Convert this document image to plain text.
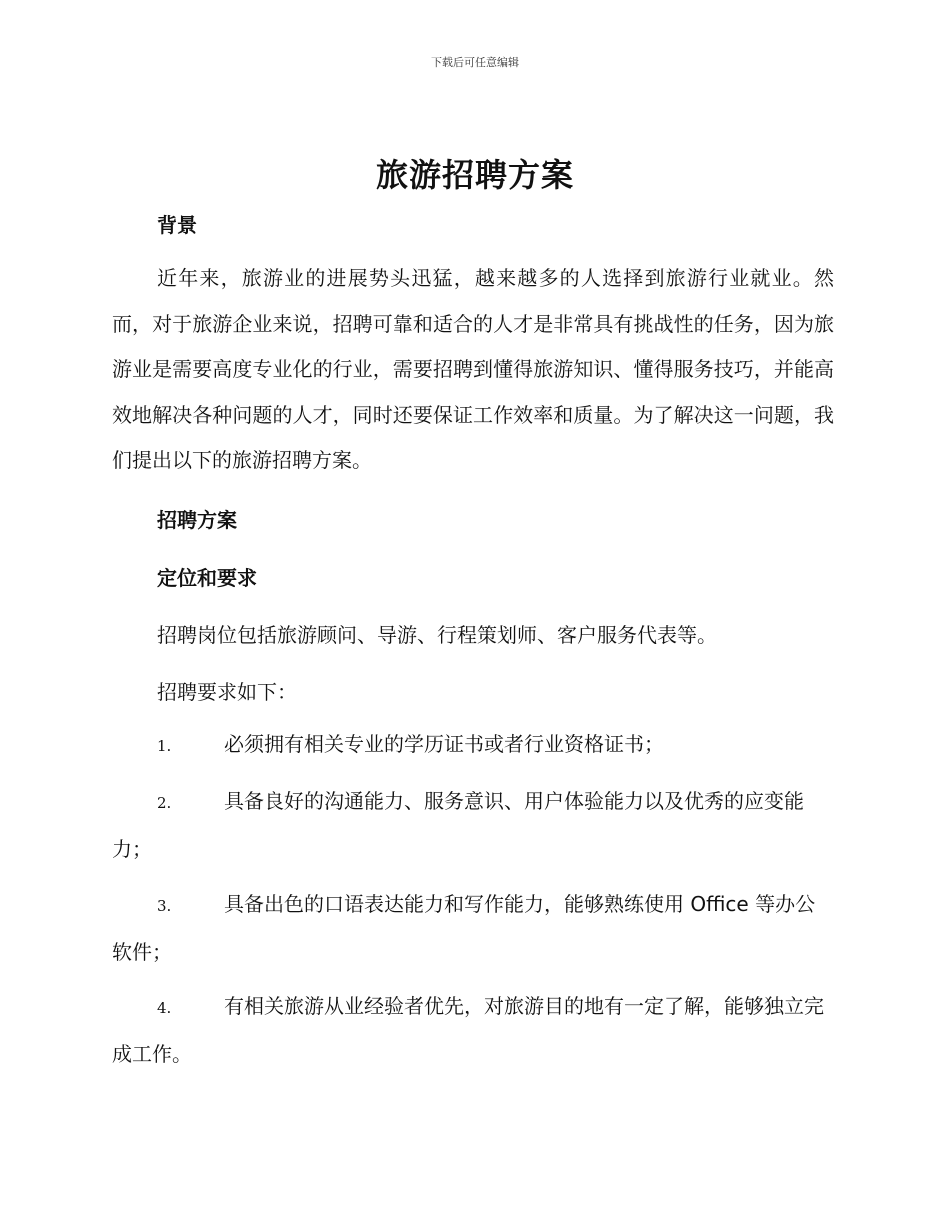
下载后可任意编辑
旅游招聘方案
背景

近年来，旅游业的进展势头迅猛，越来越多的人选择到旅游行业就业。然而，对于旅游企业来说，招聘可靠和适合的人才是非常具有挑战性的任务，因为旅游业是需要高度专业化的行业，需要招聘到懂得旅游知识、懂得服务技巧，并能高效地解决各种问题的人才，同时还要保证工作效率和质量。为了解决这一问题，我们提出以下的旅游招聘方案。

招聘方案
定位和要求
招聘岗位包括旅游顾问、导游、行程策划师、客户服务代表等。
招聘要求如下：
1.	必须拥有相关专业的学历证书或者行业资格证书；
2.	具备良好的沟通能力、服务意识、用户体验能力以及优秀的应变能力；
3.	具备出色的口语表达能力和写作能力，能够熟练使用 Office 等办公软件；
4.	有相关旅游从业经验者优先，对旅游目的地有一定了解，能够独立完成工作。
